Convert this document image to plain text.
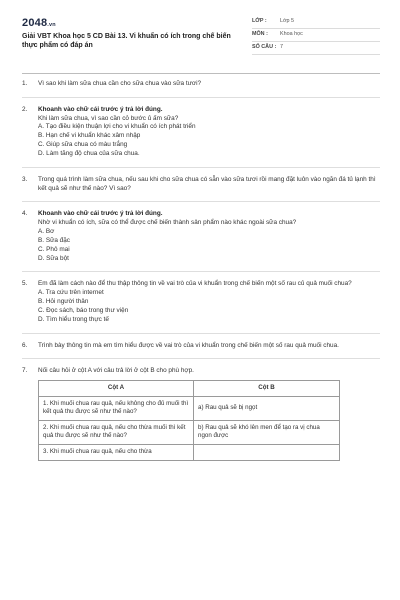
2048.vn
Giải VBT Khoa học 5 CD Bài 13. Vi khuẩn có ích trong chế biến thực phẩm có đáp án
LỚP :	Lớp 5
MÔN :	Khoa học
SỐ CÂU : 7
1. Vì sao khi làm sữa chua cần cho sữa chua vào sữa tươi?
2. Khoanh vào chữ cái trước ý trả lời đúng.
Khi làm sữa chua, vì sao cần cỏ bước ủ ấm sữa?
A. Tạo điều kiện thuận lợi cho vi khuẩn có ích phát triển
B. Hạn chế vi khuẩn khác xâm nhập
C. Giúp sữa chua có màu trắng
D. Làm tăng độ chua của sữa chua.
3. Trong quá trình làm sữa chua, nếu sau khi cho sữa chua có sẵn vào sữa tươi rồi mang đặt luôn vào ngăn đá tủ lạnh thì kết quả sẽ như thế nào? Vì sao?
4. Khoanh vào chữ cái trước ý trả lời đúng.
Nhờ vi khuẩn có ích, sữa có thể được chế biến thành sản phẩm nào khác ngoài sữa chua?
A. Bơ
B. Sữa đặc
C. Phô mai
D. Sữa bột
5. Em đã làm cách nào để thu thập thông tin về vai trò của vi khuẩn trong chế biến một số rau củ quả muối chua?
A. Tra cứu trên internet
B. Hỏi người thân
C. Đọc sách, báo trong thư viện
D. Tìm hiểu trong thực tế
6. Trình bày thông tin mà em tìm hiểu được về vai trò của vi khuẩn trong chế biến một số rau quả muối chua.
7. Nối câu hỏi ở cột A với câu trả lời ở cột B cho phù hợp.
Cột A	Cột B
1. Khi muối chua rau quả, nếu không cho đủ muối thì kết quả thu được sẽ như thế nào?	a) Rau quả sẽ bị ngọt
2. Khi muối chua rau quả, nếu cho thừa muối thì kết quả thu được sẽ như thế nào?	b) Rau quả sẽ khó lên men để tạo ra vị chua ngon được
3. Khi muối chua rau quả, nếu cho thừa	
